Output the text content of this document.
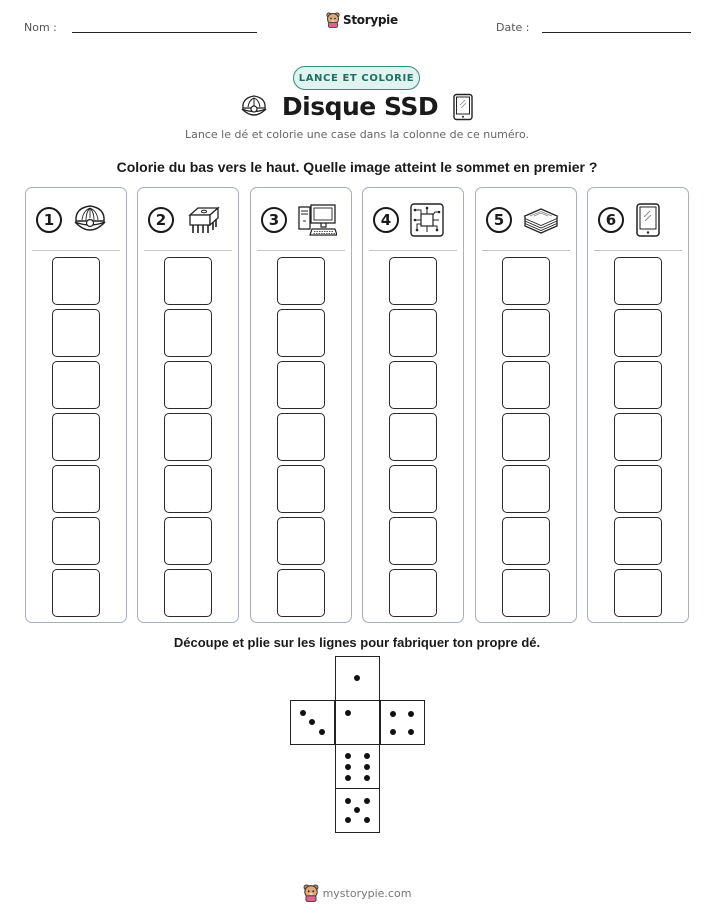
Nom :	Date :
Storypie
LANCE ET COLORIE
Disque SSD
Lance le dé et colorie une case dans la colonne de ce numéro.
Colorie du bas vers le haut. Quelle image atteint le sommet en premier ?
1	2	3	4	5	6
Découpe et plie sur les lignes pour fabriquer ton propre dé.
mystorypie.com
